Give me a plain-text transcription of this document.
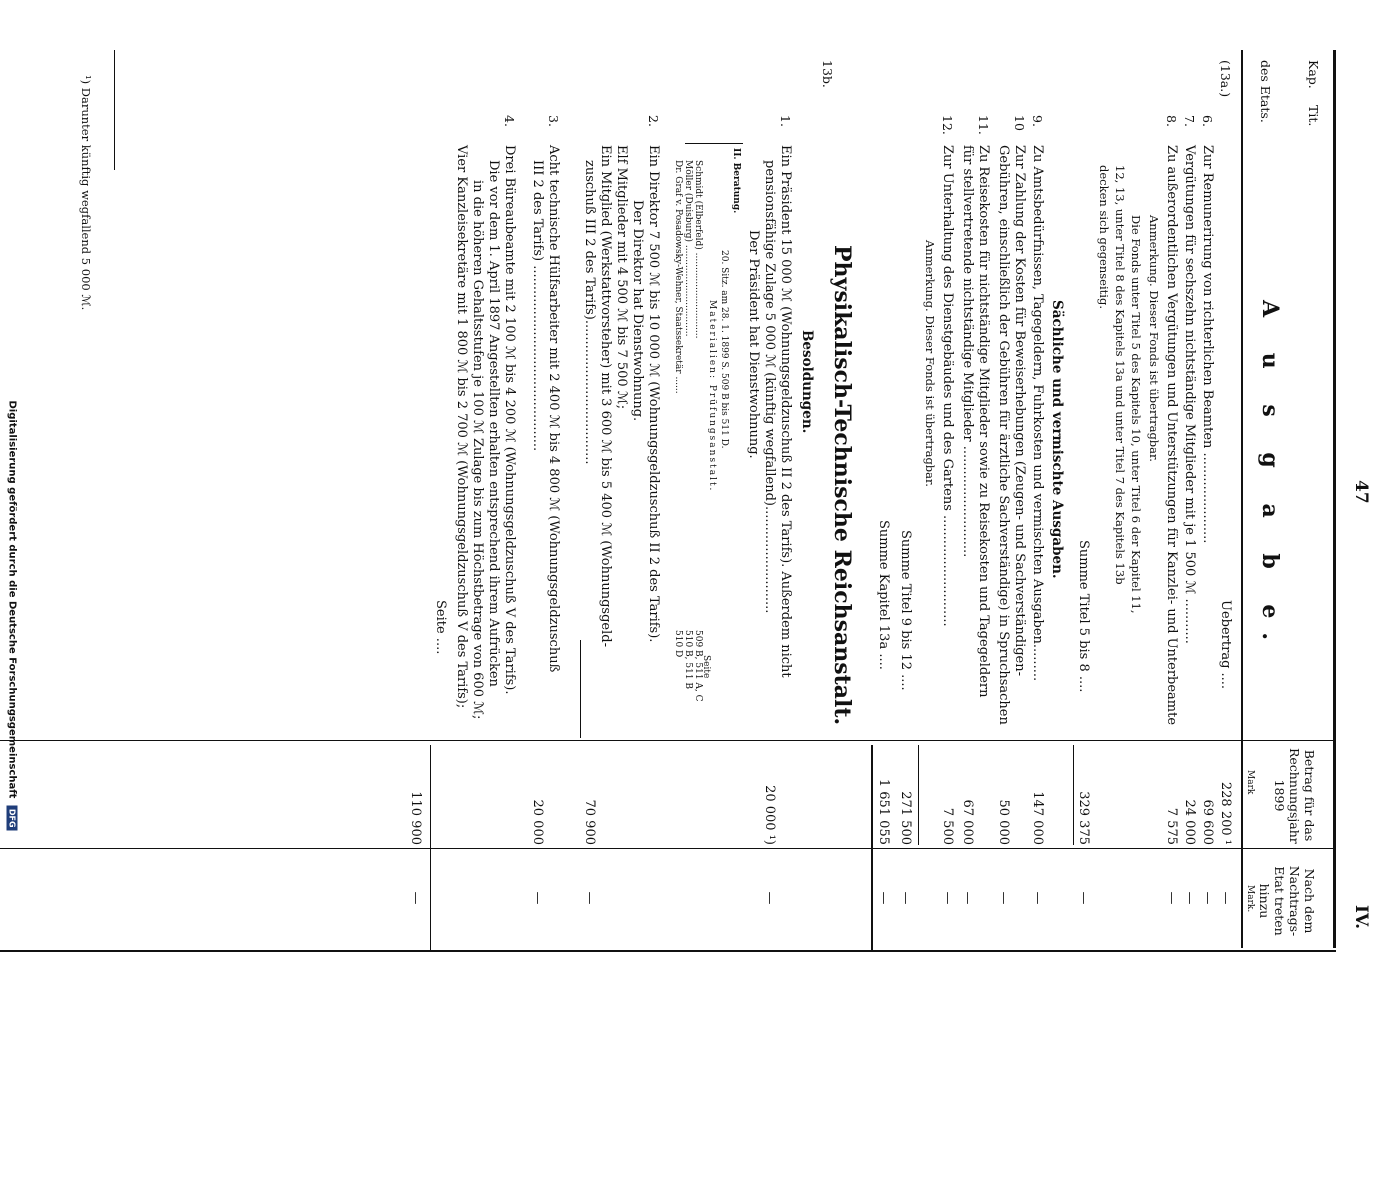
47
IV.
Kap.
Tit.
des Etats.
Betrag für das Rechnungsjahr 1899
Mark
Nach dem Nachtrags-Etat treten hinzu
Mark.
A u s g a b e.
(13a.)
Uebertrag ....
228 200 ¹
—
6.
Zur Remunerirung von richterlichen Beamten ......................
69 600
—
7.
Vergütungen für sechszehn nichtständige Mitglieder mit je 1 500 ℳ ...........
24 000
—
8.
Zu außerordentlichen Vergütungen und Unterstützungen für Kanzlei- und Unterbeamte
7 575
—
Anmerkung. Dieser Fonds ist übertragbar.
Die Fonds unter Titel 5 des Kapitels 10, unter Titel 6 der Kapitel 11,
12, 13, unter Titel 8 des Kapitels 13a und unter Titel 7 des Kapitels 13b
decken sich gegenseitig.
Summe Titel 5 bis 8 ....
329 375
—
Sächliche und vermischte Ausgaben.
9.
Zu Amtsbedürfnissen, Tagegeldern, Fuhrkosten und vermischten Ausgaben.........
147 000
—
10
Zur Zahlung der Kosten für Beweiserhebungen (Zeugen- und Sachverständigen-
Gebühren, einschließlich der Gebühren für ärztliche Sachverständige) in Spruchsachen
50 000
—
11.
Zu Reisekosten für nichtständige Mitglieder sowie zu Reisekosten und Tagegeldern
für stellvertretende nichtständige Mitglieder ...........................
67 000
—
12.
Zur Unterhaltung des Dienstgebäudes und des Gartens ...........................
Anmerkung. Dieser Fonds ist übertragbar.
7 500
—
Summe Titel 9 bis 12 ....
271 500
—
Summe Kapitel 13a ....
1 651 055
—
Physikalisch-Technische Reichsanstalt.
13b.
Besoldungen.
1.
Ein Präsident 15 000 ℳ (Wohnungsgeldzuschuß II 2 des Tarifs). Außerdem nicht
pensionsfähige Zulage 5 000 ℳ (künftig wegfallend)..........................
Der Präsident hat Dienstwohnung.
20 000 ¹)
—
II. Beratung.
20. Sitz. am 28. 1. 1899 S. 509 B bis 511 D.
Materialien: Prüfungsanstalt.
Seite
Schmidt (Elberfeld) ..............................
509 B, 511 A, C
Möller (Duisburg) ................................
510 B, 511 B
Dr. Graf v. Posadowsky-Wehner, Staatssekretär ......
510 D
2.
Ein Direktor 7 500 ℳ bis 10 000 ℳ (Wohnungsgeldzuschuß II 2 des Tarifs).
Der Direktor hat Dienstwohnung.
Elf Mitglieder mit 4 500 ℳ bis 7 500 ℳ;
Ein Mitglied (Werkstattvorsteher) mit 3 600 ℳ bis 5 400 ℳ (Wohnungsgeld-
zuschuß III 2 des Tarifs)...................................
70 900
—
3.
Acht technische Hülfsarbeiter mit 2 400 ℳ bis 4 800 ℳ (Wohnungsgeldzuschuß
III 2 des Tarifs) .............................................
20 000
—
4.
Drei Büreaubeamte mit 2 100 ℳ bis 4 200 ℳ (Wohnungsgeldzuschuß V des Tarifs).
Die vor dem 1. April 1897 Angestellten erhalten entsprechend ihrem Aufrücken
in die höheren Gehaltsstufen je 100 ℳ Zulage bis zum Höchstbetrage von 600 ℳ;
Vier Kanzleisekretäre mit 1 800 ℳ bis 2 700 ℳ (Wohnungsgeldzuschuß V des Tarifs);
Seite ....
110 900
—
¹) Darunter künftig wegfallend 5 000 ℳ.
Digitalisierung gefördert durch die Deutsche Forschungsgemeinschaft DFG
